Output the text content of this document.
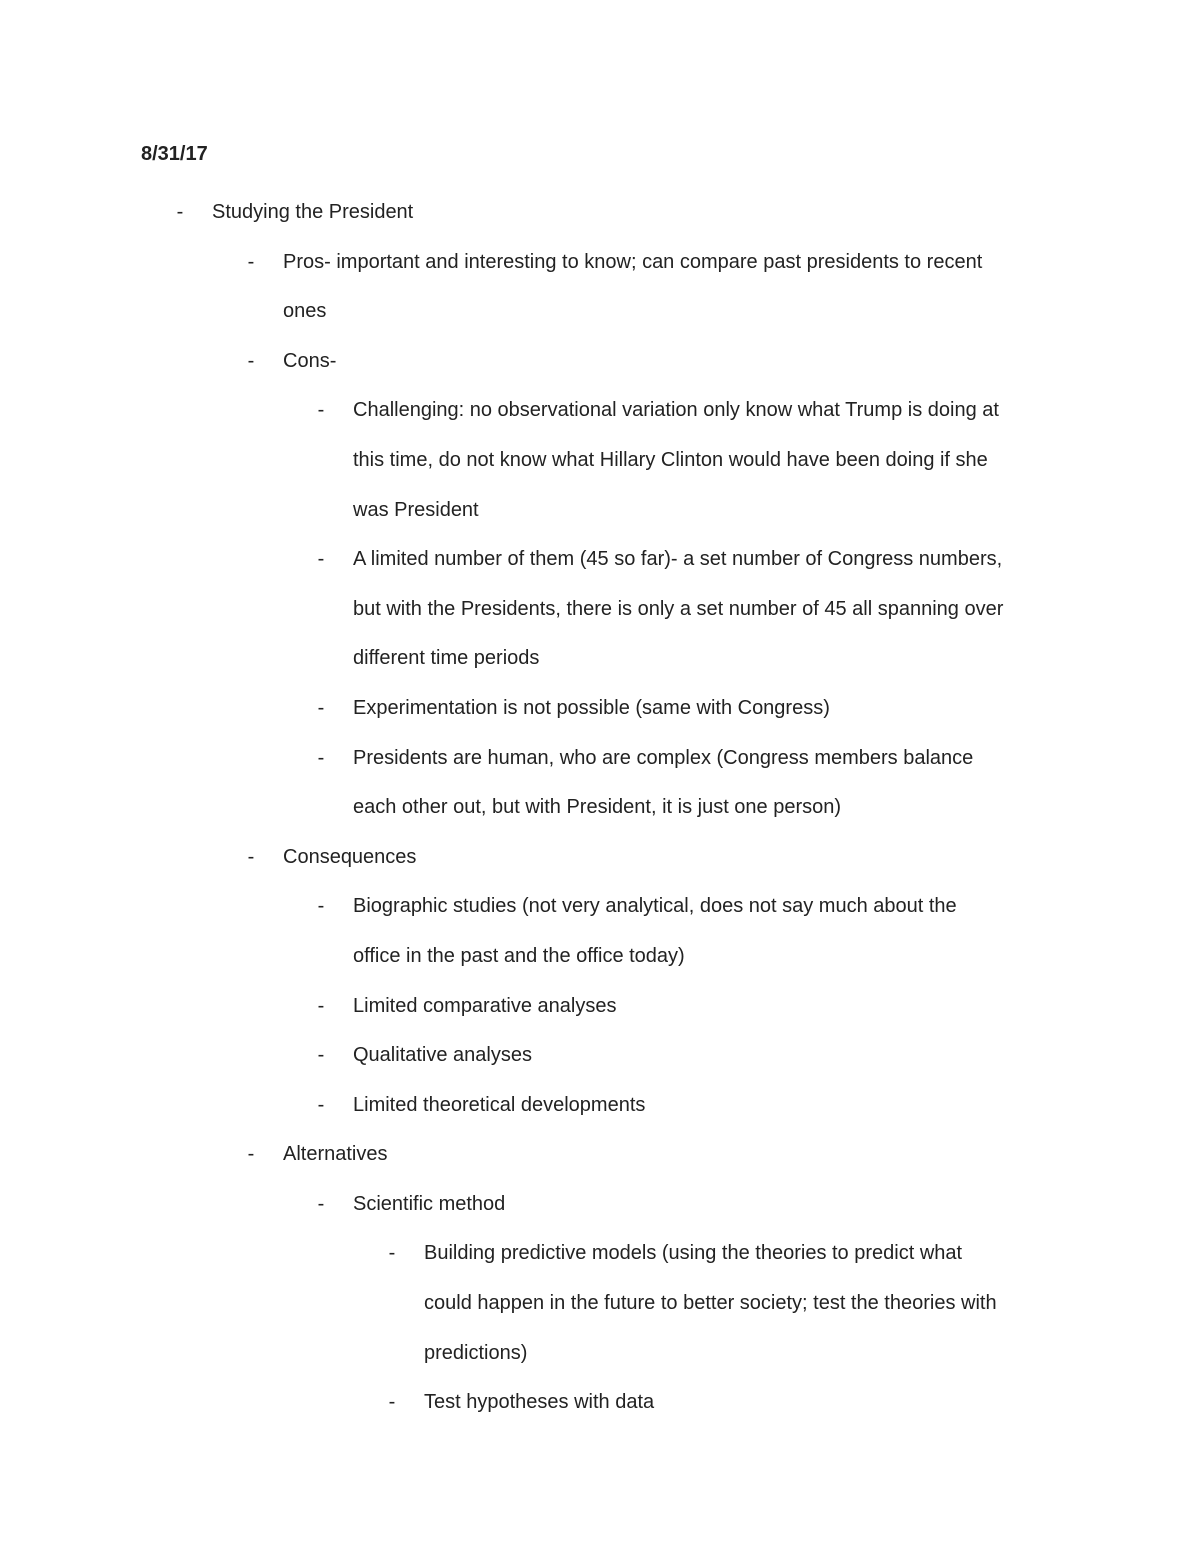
8/31/17

-	Studying the President
-	Pros- important and interesting to know; can compare past presidents to recent
ones
-	Cons-
-	Challenging: no observational variation only know what Trump is doing at
this time, do not know what Hillary Clinton would have been doing if she
was President
-	A limited number of them (45 so far)- a set number of Congress numbers,
but with the Presidents, there is only a set number of 45 all spanning over
different time periods
-	Experimentation is not possible (same with Congress)
-	Presidents are human, who are complex (Congress members balance
each other out, but with President, it is just one person)
-	Consequences
-	Biographic studies (not very analytical, does not say much about the
office in the past and the office today)
-	Limited comparative analyses
-	Qualitative analyses
-	Limited theoretical developments
-	Alternatives
-	Scientific method
-	Building predictive models (using the theories to predict what
could happen in the future to better society; test the theories with
predictions)
-	Test hypotheses with data
